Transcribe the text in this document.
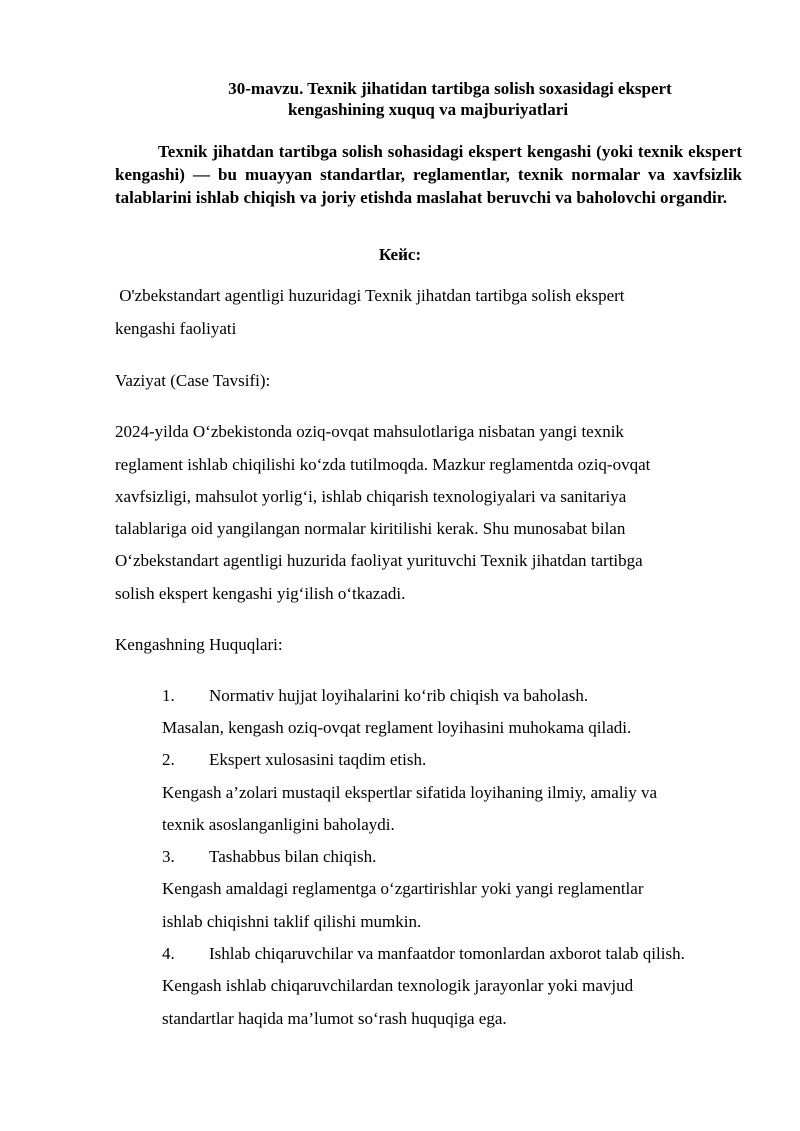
30-mavzu. Texnik jihatidan tartibga solish soxasidagi ekspert
kengashining xuquq va majburiyatlari

Texnik jihatdan tartibga solish sohasidagi ekspert kengashi (yoki texnik ekspert kengashi) — bu muayyan standartlar, reglamentlar, texnik normalar va xavfsizlik talablarini ishlab chiqish va joriy etishda maslahat beruvchi va baholovchi organdir.

Кейс:
O'zbekstandart agentligi huzuridagi Texnik jihatdan tartibga solish ekspert
kengashi faoliyati
Vaziyat (Case Tavsifi):
2024-yilda O‘zbekistonda oziq-ovqat mahsulotlariga nisbatan yangi texnik
reglament ishlab chiqilishi ko‘zda tutilmoqda. Mazkur reglamentda oziq-ovqat
xavfsizligi, mahsulot yorlig‘i, ishlab chiqarish texnologiyalari va sanitariya
talablariga oid yangilangan normalar kiritilishi kerak. Shu munosabat bilan
O‘zbekstandart agentligi huzurida faoliyat yurituvchi Texnik jihatdan tartibga
solish ekspert kengashi yig‘ilish o‘tkazadi.
Kengashning Huquqlari:
1. Normativ hujjat loyihalarini ko‘rib chiqish va baholash.
Masalan, kengash oziq-ovqat reglament loyihasini muhokama qiladi.
2. Ekspert xulosasini taqdim etish.
Kengash a’zolari mustaqil ekspertlar sifatida loyihaning ilmiy, amaliy va
texnik asoslanganligini baholaydi.
3. Tashabbus bilan chiqish.
Kengash amaldagi reglamentga o‘zgartirishlar yoki yangi reglamentlar
ishlab chiqishni taklif qilishi mumkin.
4. Ishlab chiqaruvchilar va manfaatdor tomonlardan axborot talab qilish.
Kengash ishlab chiqaruvchilardan texnologik jarayonlar yoki mavjud
standartlar haqida ma’lumot so‘rash huquqiga ega.
